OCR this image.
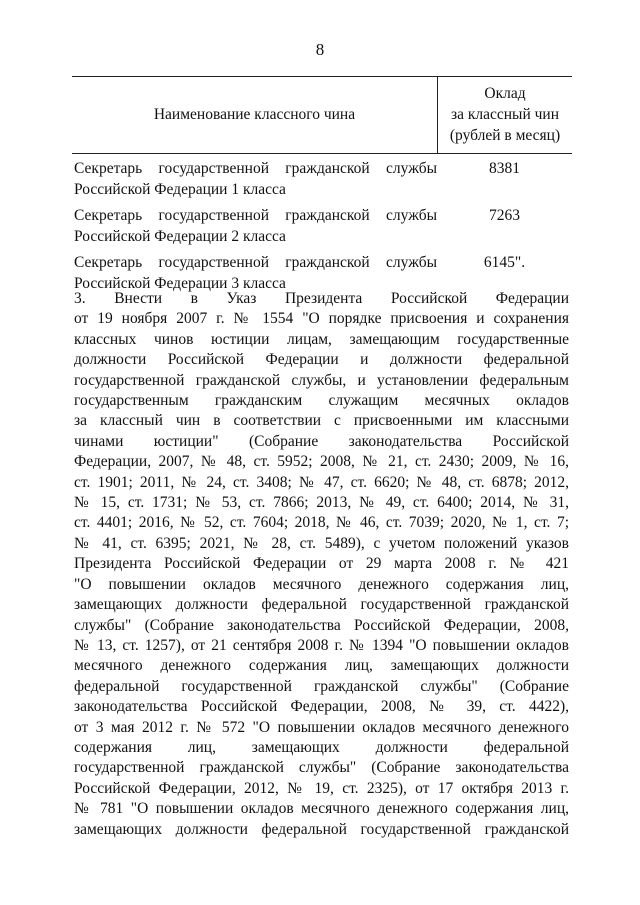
8
Наименование классного чина
Оклад
за классный чин
(рублей в месяц)
Секретарь государственной гражданской службы
Российской Федерации 1 класса
8381
Секретарь государственной гражданской службы
Российской Федерации 2 класса
7263
Секретарь государственной гражданской службы
Российской Федерации 3 класса
6145".
3. Внести в Указ Президента Российской Федерации
от 19 ноября 2007 г. № 1554 "О порядке присвоения и сохранения
классных чинов юстиции лицам, замещающим государственные
должности Российской Федерации и должности федеральной
государственной гражданской службы, и установлении федеральным
государственным гражданским служащим месячных окладов
за классный чин в соответствии с присвоенными им классными
чинами юстиции" (Собрание законодательства Российской
Федерации, 2007, № 48, ст. 5952; 2008, № 21, ст. 2430; 2009, № 16,
ст. 1901; 2011, № 24, ст. 3408; № 47, ст. 6620; № 48, ст. 6878; 2012,
№ 15, ст. 1731; № 53, ст. 7866; 2013, № 49, ст. 6400; 2014, № 31,
ст. 4401; 2016, № 52, ст. 7604; 2018, № 46, ст. 7039; 2020, № 1, ст. 7;
№ 41, ст. 6395; 2021, № 28, ст. 5489), с учетом положений указов
Президента Российской Федерации от 29 марта 2008 г. № 421
"О повышении окладов месячного денежного содержания лиц,
замещающих должности федеральной государственной гражданской
службы" (Собрание законодательства Российской Федерации, 2008,
№ 13, ст. 1257), от 21 сентября 2008 г. № 1394 "О повышении окладов
месячного денежного содержания лиц, замещающих должности
федеральной государственной гражданской службы" (Собрание
законодательства Российской Федерации, 2008, № 39, ст. 4422),
от 3 мая 2012 г. № 572 "О повышении окладов месячного денежного
содержания лиц, замещающих должности федеральной
государственной гражданской службы" (Собрание законодательства
Российской Федерации, 2012, № 19, ст. 2325), от 17 октября 2013 г.
№ 781 "О повышении окладов месячного денежного содержания лиц,
замещающих должности федеральной государственной гражданской
